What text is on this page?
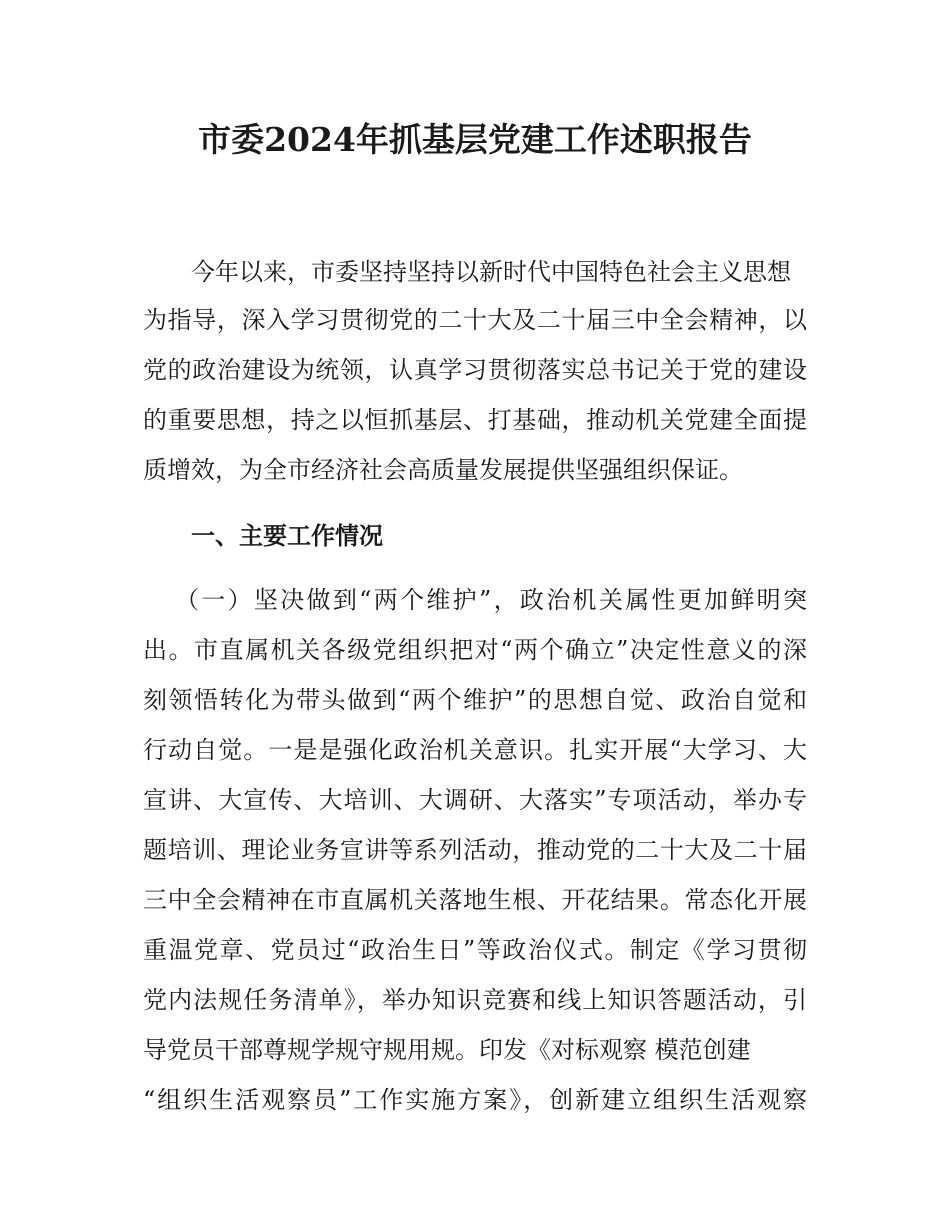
市委2024年抓基层党建工作述职报告
今年以来，市委坚持坚持以新时代中国特色社会主义思想
为指导，深入学习贯彻党的二十大及二十届三中全会精神，以
党的政治建设为统领，认真学习贯彻落实总书记关于党的建设
的重要思想，持之以恒抓基层、打基础，推动机关党建全面提
质增效，为全市经济社会高质量发展提供坚强组织保证。
一、主要工作情况
（一）坚决做到“两个维护”，政治机关属性更加鲜明突
出。市直属机关各级党组织把对“两个确立”决定性意义的深
刻领悟转化为带头做到“两个维护”的思想自觉、政治自觉和
行动自觉。一是是强化政治机关意识。扎实开展“大学习、大
宣讲、大宣传、大培训、大调研、大落实”专项活动，举办专
题培训、理论业务宣讲等系列活动，推动党的二十大及二十届
三中全会精神在市直属机关落地生根、开花结果。常态化开展
重温党章、党员过“政治生日”等政治仪式。制定《学习贯彻
党内法规任务清单》，举办知识竞赛和线上知识答题活动，引
导党员干部尊规学规守规用规。印发《对标观察 模范创建
“组织生活观察员”工作实施方案》，创新建立组织生活观察
